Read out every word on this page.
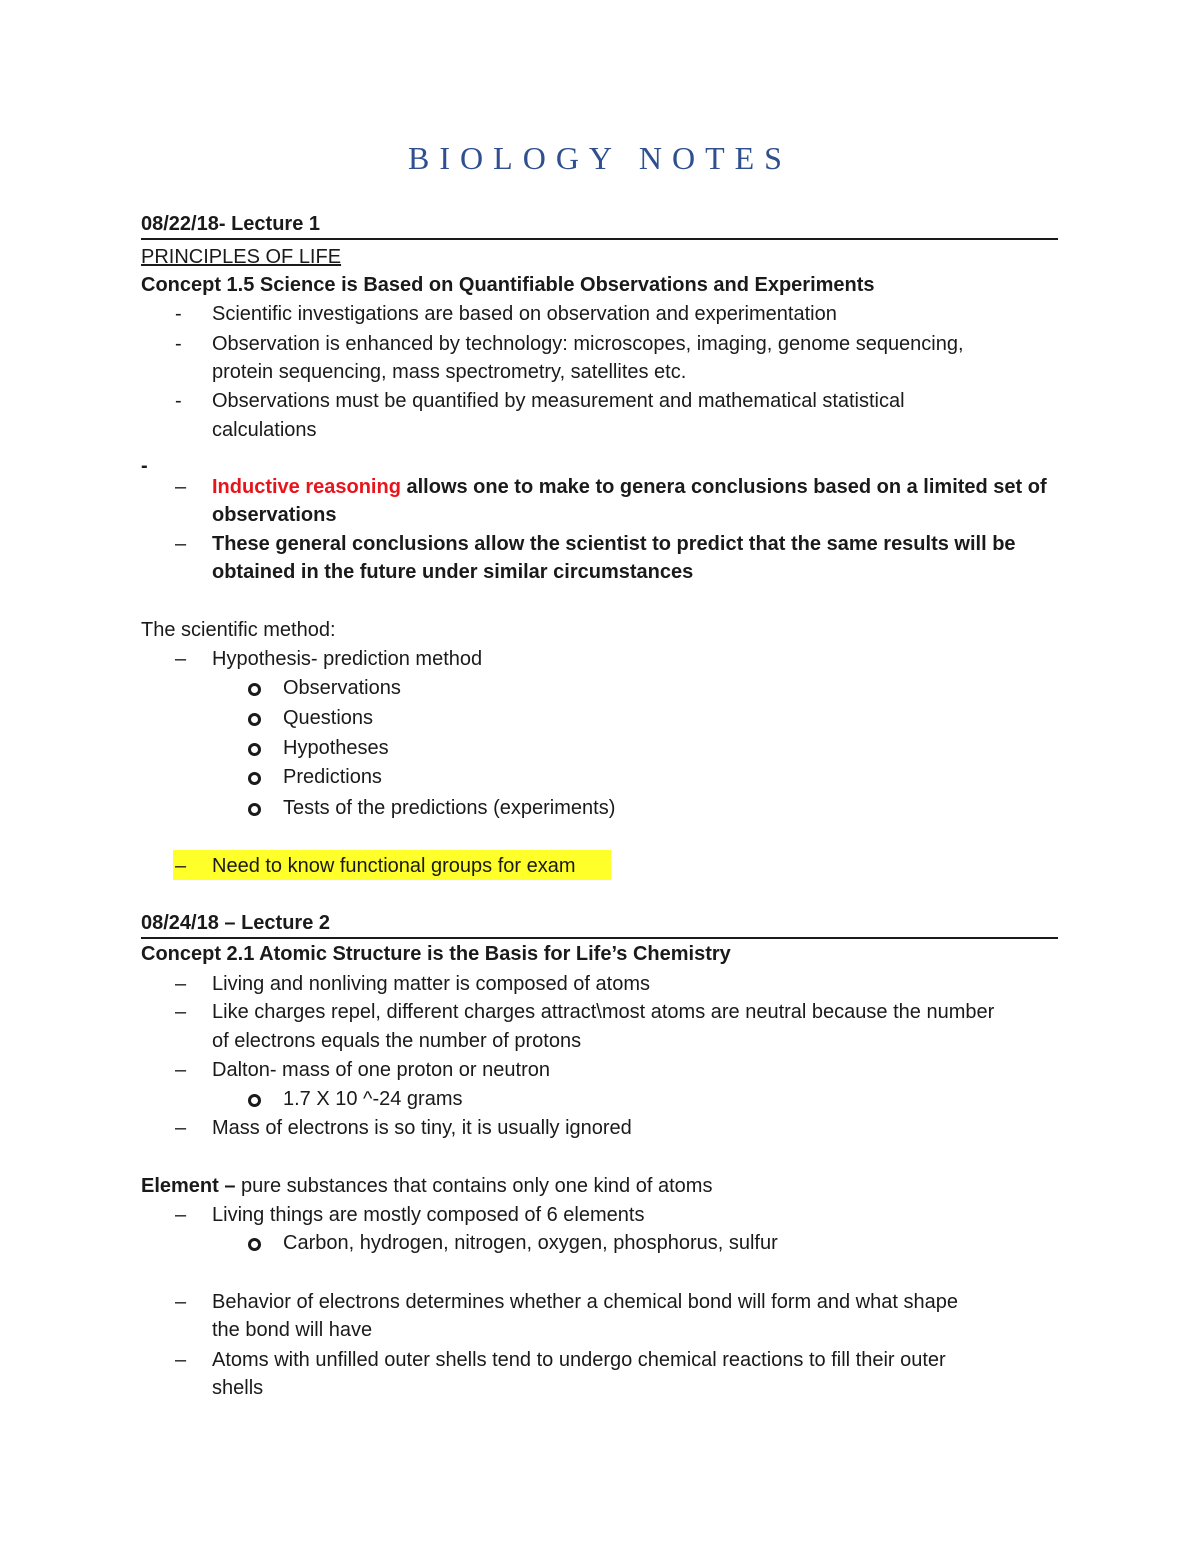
BIOLOGY NOTES
08/22/18- Lecture 1
PRINCIPLES OF LIFE
Concept 1.5 Science is Based on Quantifiable Observations and Experiments
- Scientific investigations are based on observation and experimentation
- Observation is enhanced by technology: microscopes, imaging, genome sequencing,
protein sequencing, mass spectrometry, satellites etc.
- Observations must be quantified by measurement and mathematical statistical
calculations
-
– Inductive reasoning allows one to make to genera conclusions based on a limited set of
observations
– These general conclusions allow the scientist to predict that the same results will be
obtained in the future under similar circumstances
The scientific method:
– Hypothesis- prediction method
Observations
Questions
Hypotheses
Predictions
Tests of the predictions (experiments)
– Need to know functional groups for exam
08/24/18 – Lecture 2
Concept 2.1 Atomic Structure is the Basis for Life’s Chemistry
– Living and nonliving matter is composed of atoms
– Like charges repel, different charges attract\most atoms are neutral because the number
of electrons equals the number of protons
– Dalton- mass of one proton or neutron
1.7 X 10 ^-24 grams
– Mass of electrons is so tiny, it is usually ignored
Element – pure substances that contains only one kind of atoms
– Living things are mostly composed of 6 elements
Carbon, hydrogen, nitrogen, oxygen, phosphorus, sulfur
– Behavior of electrons determines whether a chemical bond will form and what shape
the bond will have
– Atoms with unfilled outer shells tend to undergo chemical reactions to fill their outer
shells
